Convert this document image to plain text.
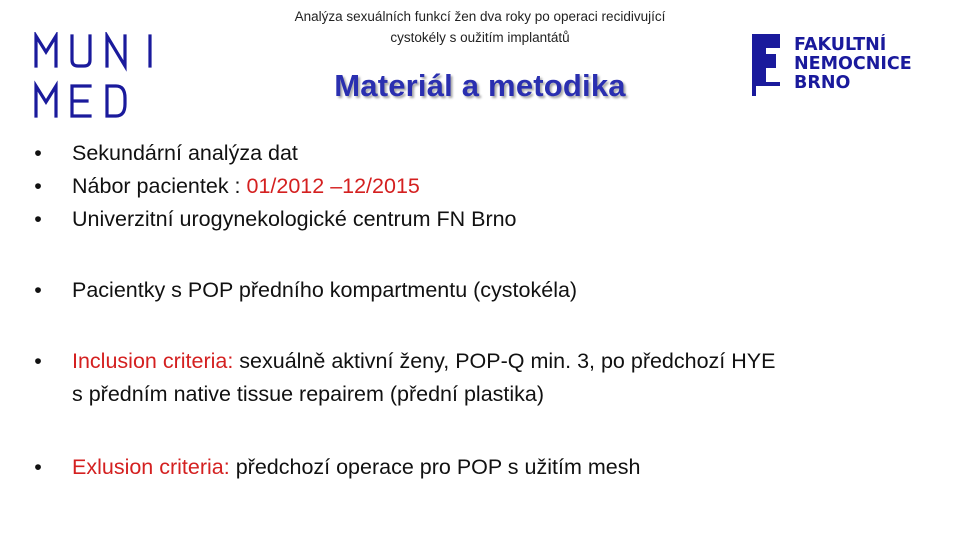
FAKULTNÍ
NEMOCNICE
BRNO
Analýza sexuálních funkcí žen dva roky po operaci recidivující
cystokély s oužitím implantátů
Materiál a metodika
• Sekundární analýza dat
• Nábor pacientek : 01/2012 –12/2015
• Univerzitní urogynekologické centrum FN Brno
• Pacientky s POP předního kompartmentu (cystokéla)
• Inclusion criteria: sexuálně aktivní ženy, POP-Q min. 3, po předchozí HYE
s předním native tissue repairem (přední plastika)
• Exlusion criteria: předchozí operace pro POP s užitím mesh
